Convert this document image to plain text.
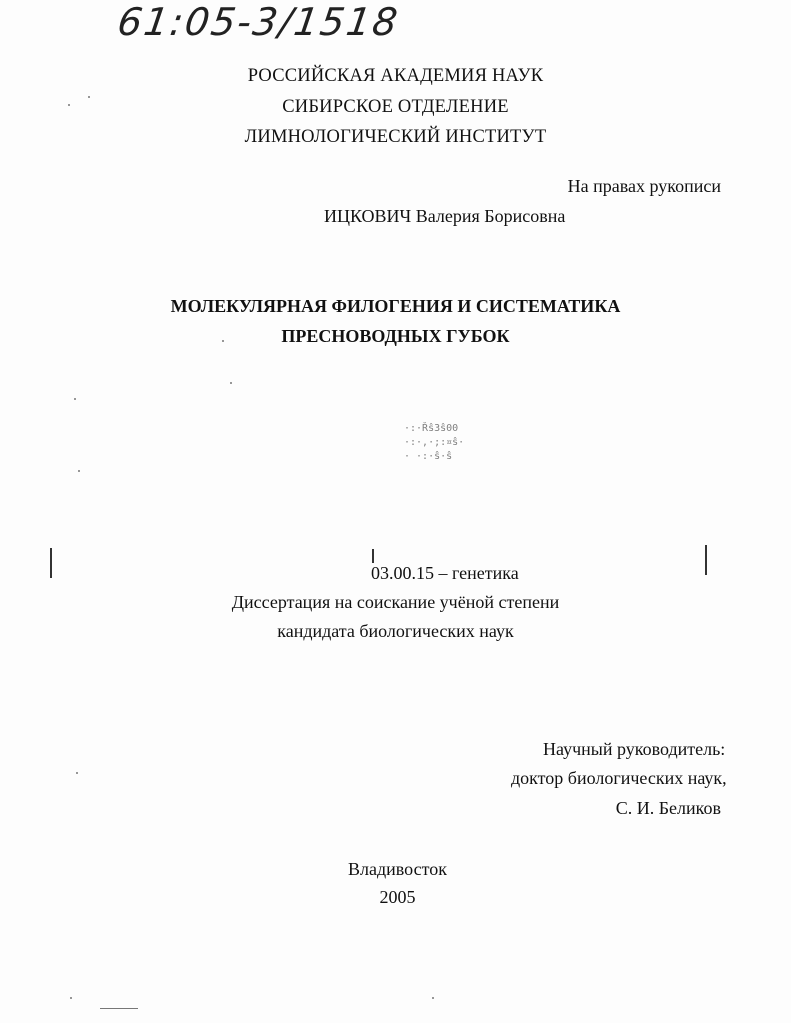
61:05-3/1518
РОССИЙСКАЯ АКАДЕМИЯ НАУК
СИБИРСКОЕ ОТДЕЛЕНИЕ
ЛИМНОЛОГИЧЕСКИЙ ИНСТИТУТ
На правах рукописи
ИЦКОВИЧ Валерия Борисовна
МОЛЕКУЛЯРНАЯ ФИЛОГЕНИЯ И СИСТЕМАТИКА
ПРЕСНОВОДНЫХ ГУБОК
·:·Řŝ3ŝ00
·:·,·;:¤ŝ·
· ·:·ŝ·ŝ
03.00.15 – генетика
Диссертация на соискание учёной степени
кандидата биологических наук
Научный руководитель:
доктор биологических наук,
С. И. Беликов
Владивосток
2005
